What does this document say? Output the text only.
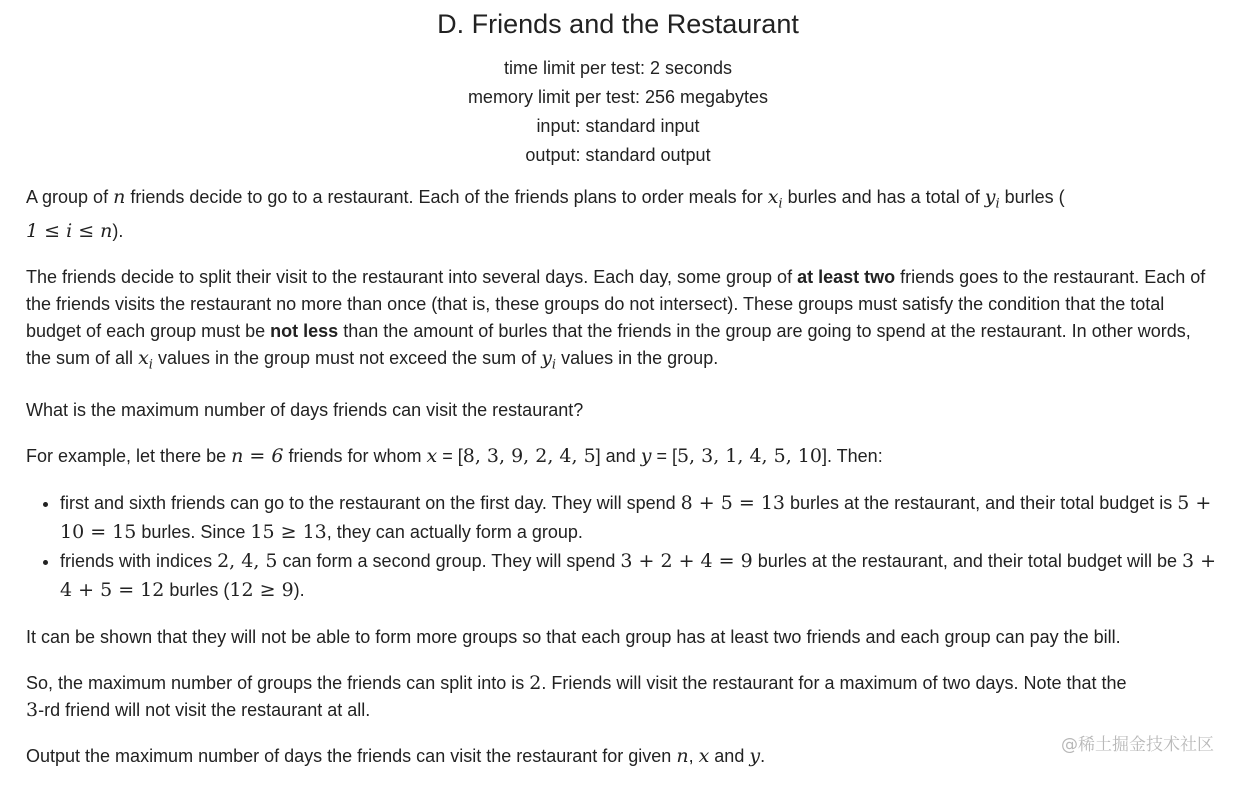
D. Friends and the Restaurant
time limit per test: 2 seconds
memory limit per test: 256 megabytes
input: standard input
output: standard output

A group of n friends decide to go to a restaurant. Each of the friends plans to order meals for $x_i$ burles and has a total of $y_i$ burles (
1 ≤ i ≤ n).

The friends decide to split their visit to the restaurant into several days. Each day, some group of at least two friends goes to the restaurant. Each of the friends visits the restaurant no more than once (that is, these groups do not intersect). These groups must satisfy the condition that the total budget of each group must be not less than the amount of burles that the friends in the group are going to spend at the restaurant. In other words, the sum of all $x_i$ values in the group must not exceed the sum of $y_i$ values in the group.

What is the maximum number of days friends can visit the restaurant?

For example, let there be n = 6 friends for whom x = [8, 3, 9, 2, 4, 5] and y = [5, 3, 1, 4, 5, 10]. Then:

• first and sixth friends can go to the restaurant on the first day. They will spend 8 + 5 = 13 burles at the restaurant, and their total budget is 5 + 10 = 15 burles. Since 15 ≥ 13, they can actually form a group.
• friends with indices 2, 4, 5 can form a second group. They will spend 3 + 2 + 4 = 9 burles at the restaurant, and their total budget will be 3 + 4 + 5 = 12 burles (12 ≥ 9).

It can be shown that they will not be able to form more groups so that each group has at least two friends and each group can pay the bill.

So, the maximum number of groups the friends can split into is 2. Friends will visit the restaurant for a maximum of two days. Note that the
3-rd friend will not visit the restaurant at all.

Output the maximum number of days the friends can visit the restaurant for given n, x and y.

@稀土掘金技术社区
